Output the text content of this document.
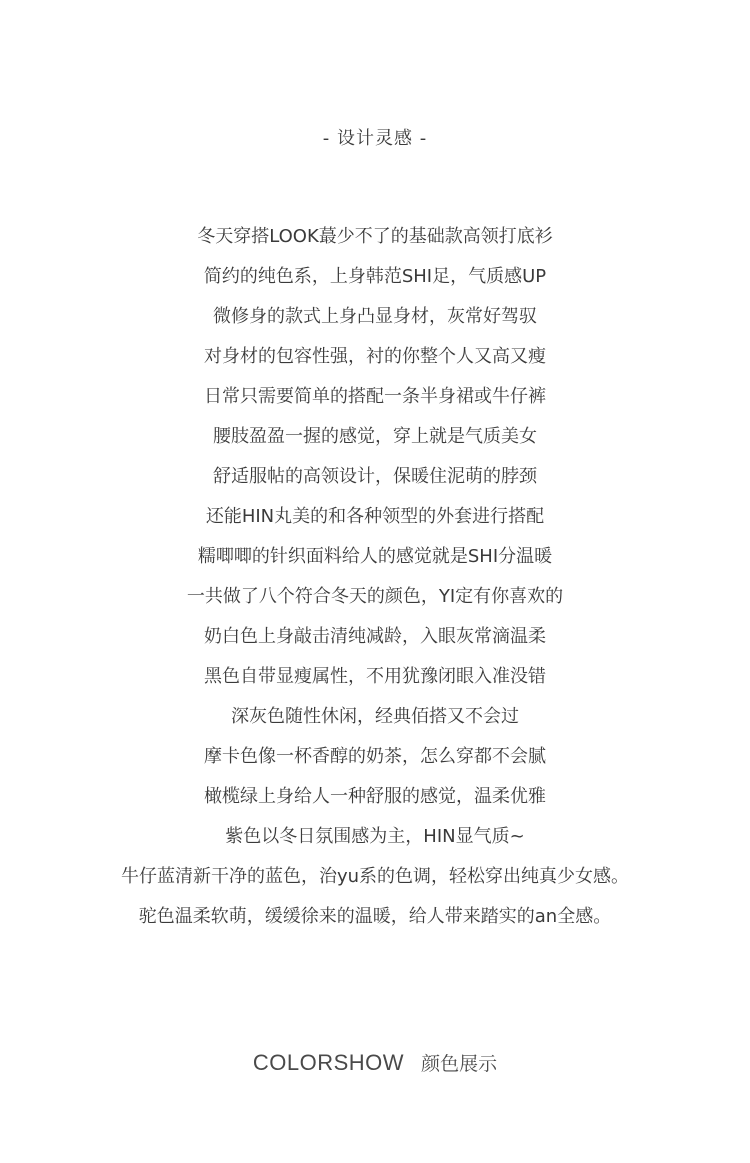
- 设计灵感 -
冬天穿搭LOOK蕞少不了的基础款高领打底衫
简约的纯色系，上身韩范SHI足，气质感UP
微修身的款式上身凸显身材，灰常好驾驭
对身材的包容性强，衬的你整个人又高又瘦
日常只需要简单的搭配一条半身裙或牛仔裤
腰肢盈盈一握的感觉，穿上就是气质美女
舒适服帖的高领设计，保暖住泥萌的脖颈
还能HIN丸美的和各种领型的外套进行搭配
糯唧唧的针织面料给人的感觉就是SHI分温暖
一共做了八个符合冬天的颜色，YI定有你喜欢的
奶白色上身敲击清纯减龄，入眼灰常滴温柔
黑色自带显瘦属性，不用犹豫闭眼入准没错
深灰色随性休闲，经典佰搭又不会过
摩卡色像一杯香醇的奶茶，怎么穿都不会腻
橄榄绿上身给人一种舒服的感觉，温柔优雅
紫色以冬日氛围感为主，HIN显气质~
牛仔蓝清新干净的蓝色，治yu系的色调，轻松穿出纯真少女感。
驼色温柔软萌，缓缓徐来的温暖，给人带来踏实的an全感。
COLORSHOW 颜色展示
